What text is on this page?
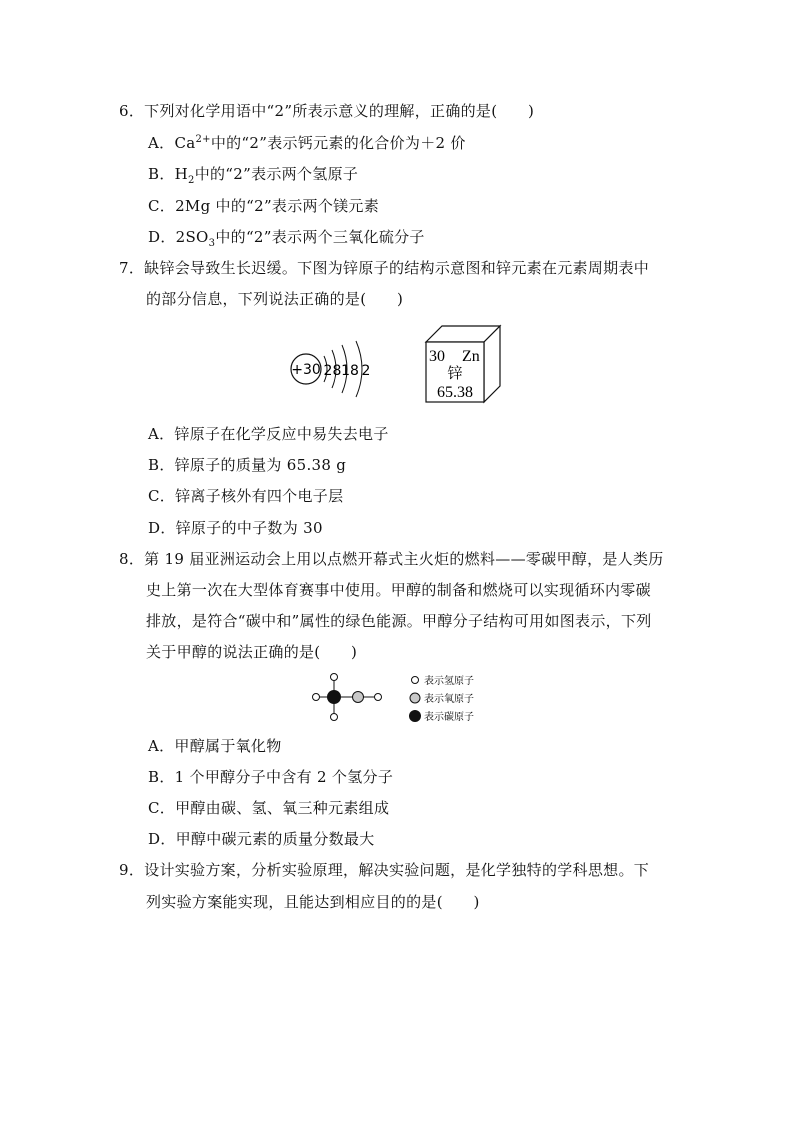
6．下列对化学用语中“2”所表示意义的理解，正确的是(　　)
A．$Ca^{2+}$中的“2”表示钙元素的化合价为＋2 价
B．$H_2$中的“2”表示两个氢原子
C．2Mg 中的“2”表示两个镁元素
D．$2SO_3$中的“2”表示两个三氧化硫分子
7．缺锌会导致生长迟缓。下图为锌原子的结构示意图和锌元素在元素周期表中
的部分信息，下列说法正确的是(　　)
+30 2 8 18 2
30 Zn
锌
65.38
A．锌原子在化学反应中易失去电子
B．锌原子的质量为 65.38 g
C．锌离子核外有四个电子层
D．锌原子的中子数为 30
8．第 19 届亚洲运动会上用以点燃开幕式主火炬的燃料——零碳甲醇，是人类历
史上第一次在大型体育赛事中使用。甲醇的制备和燃烧可以实现循环内零碳
排放，是符合“碳中和”属性的绿色能源。甲醇分子结构可用如图表示，下列
关于甲醇的说法正确的是(　　)
表示氢原子
表示氧原子
表示碳原子
A．甲醇属于氧化物
B．1 个甲醇分子中含有 2 个氢分子
C．甲醇由碳、氢、氧三种元素组成
D．甲醇中碳元素的质量分数最大
9．设计实验方案，分析实验原理，解决实验问题，是化学独特的学科思想。下
列实验方案能实现，且能达到相应目的的是(　　)
